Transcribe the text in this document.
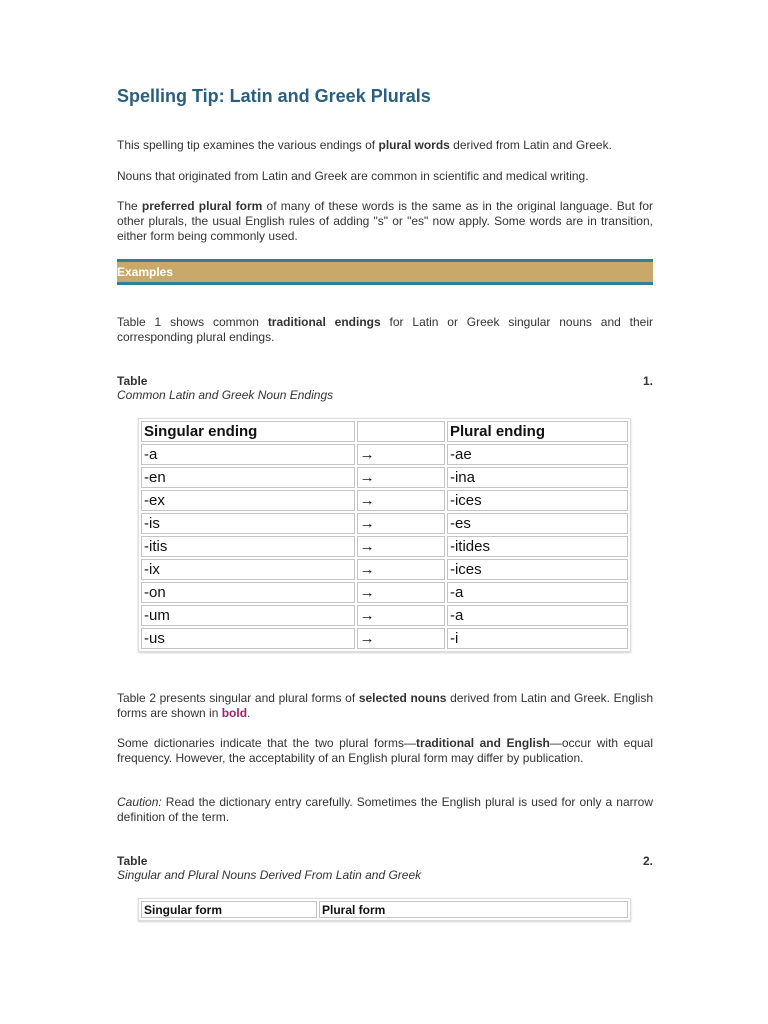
Spelling Tip: Latin and Greek Plurals

This spelling tip examines the various endings of plural words derived from Latin and Greek.

Nouns that originated from Latin and Greek are common in scientific and medical writing.

The preferred plural form of many of these words is the same as in the original language. But for other plurals, the usual English rules of adding "s" or "es" now apply. Some words are in transition, either form being commonly used.

Examples

Table 1 shows common traditional endings for Latin or Greek singular nouns and their corresponding plural endings.

Table	1.
Common Latin and Greek Noun Endings
Singular ending		Plural ending
-a	→	-ae
-en	→	-ina
-ex	→	-ices
-is	→	-es
-itis	→	-itides
-ix	→	-ices
-on	→	-a
-um	→	-a
-us	→	-i

Table 2 presents singular and plural forms of selected nouns derived from Latin and Greek. English forms are shown in bold.

Some dictionaries indicate that the two plural forms—traditional and English—occur with equal frequency. However, the acceptability of an English plural form may differ by publication.

Caution: Read the dictionary entry carefully. Sometimes the English plural is used for only a narrow definition of the term.

Table	2.
Singular and Plural Nouns Derived From Latin and Greek
Singular form	Plural form
